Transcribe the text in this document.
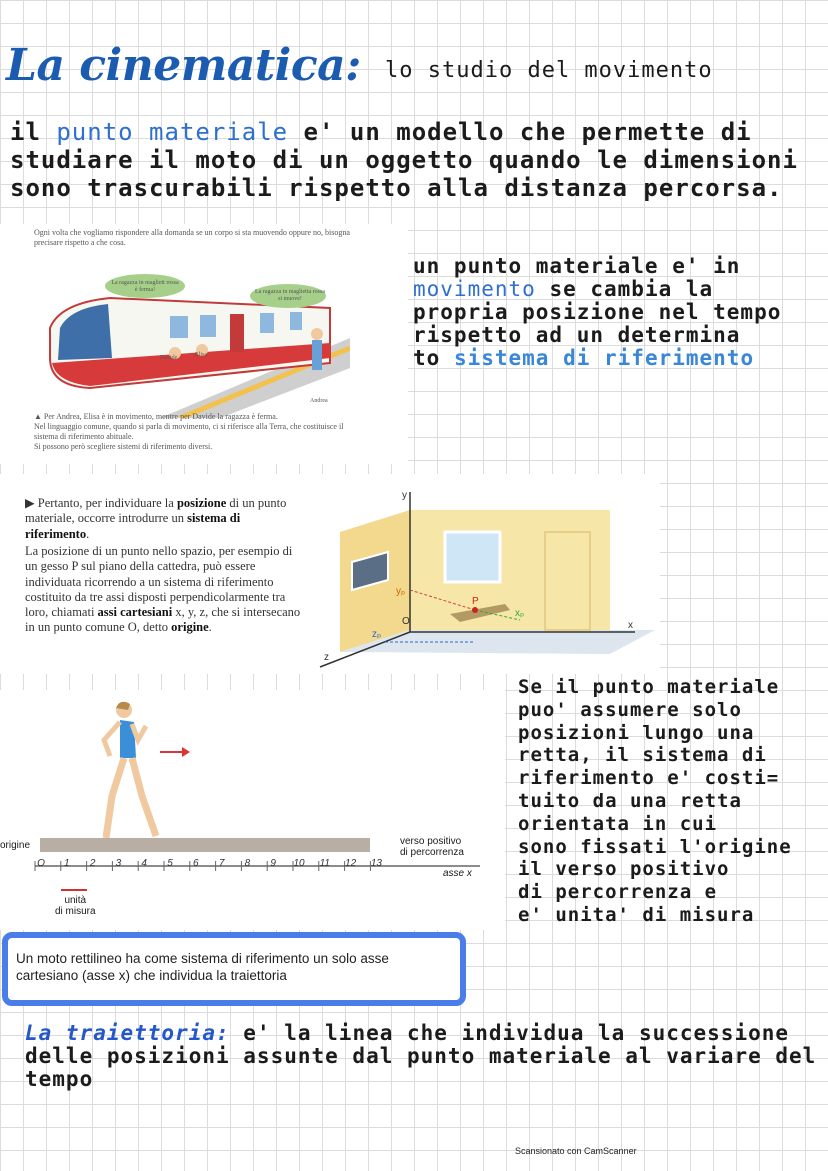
La cinematica: lo studio del movimento
il punto materiale e' un modello che permette di studiare il moto di un oggetto quando le dimensioni sono trascurabili rispetto alla distanza percorsa.
Ogni volta che vogliamo rispondere alla domanda se un corpo si sta muovendo oppure no, bisogna precisare rispetto a che cosa.
La ragazza in magliett rossa è ferma!	La ragazza in maglietta rossa si muove!
Davide	Elisa
Andrea
▲ Per Andrea, Elisa è in movimento, mentre per Davide la ragazza è ferma.
Nel linguaggio comune, quando si parla di movimento, ci si riferisce alla Terra, che costituisce il sistema di riferimento abituale.
Si possono però scegliere sistemi di riferimento diversi.
un punto materiale e' in
movimento se cambia la
propria posizione nel tempo
rispetto ad un determina
to sistema di riferimento
▶ Pertanto, per individuare la posizione di un punto materiale, occorre introdurre un sistema di riferimento.
La posizione di un punto nello spazio, per esempio di un gesso P sul piano della cattedra, può essere individuata ricorrendo a un sistema di riferimento costituito da tre assi disposti perpendicolarmente tra loro, chiamati assi cartesiani x, y, z, che si intersecano in un punto comune O, detto origine.
y
x
z
O
P
yₚ
xₚ
zₚ
O	1	2	3	4	5	6	7	8	9	10 11 12 13
origine	verso positivo
di percorrenza
asse x
unità
di misura
Se il punto materiale
puo' assumere solo
posizioni lungo una
retta, il sistema di
riferimento e' costi=
tuito da una retta
orientata in cui
sono fissati l'origine
il verso positivo
di percorrenza e
e' unita' di misura
Un moto rettilineo ha come sistema di riferimento un solo asse cartesiano (asse x) che individua la traiettoria
La traiettoria: e' la linea che individua la successione delle posizioni assunte dal punto materiale al variare del tempo
Scansionato con CamScanner
